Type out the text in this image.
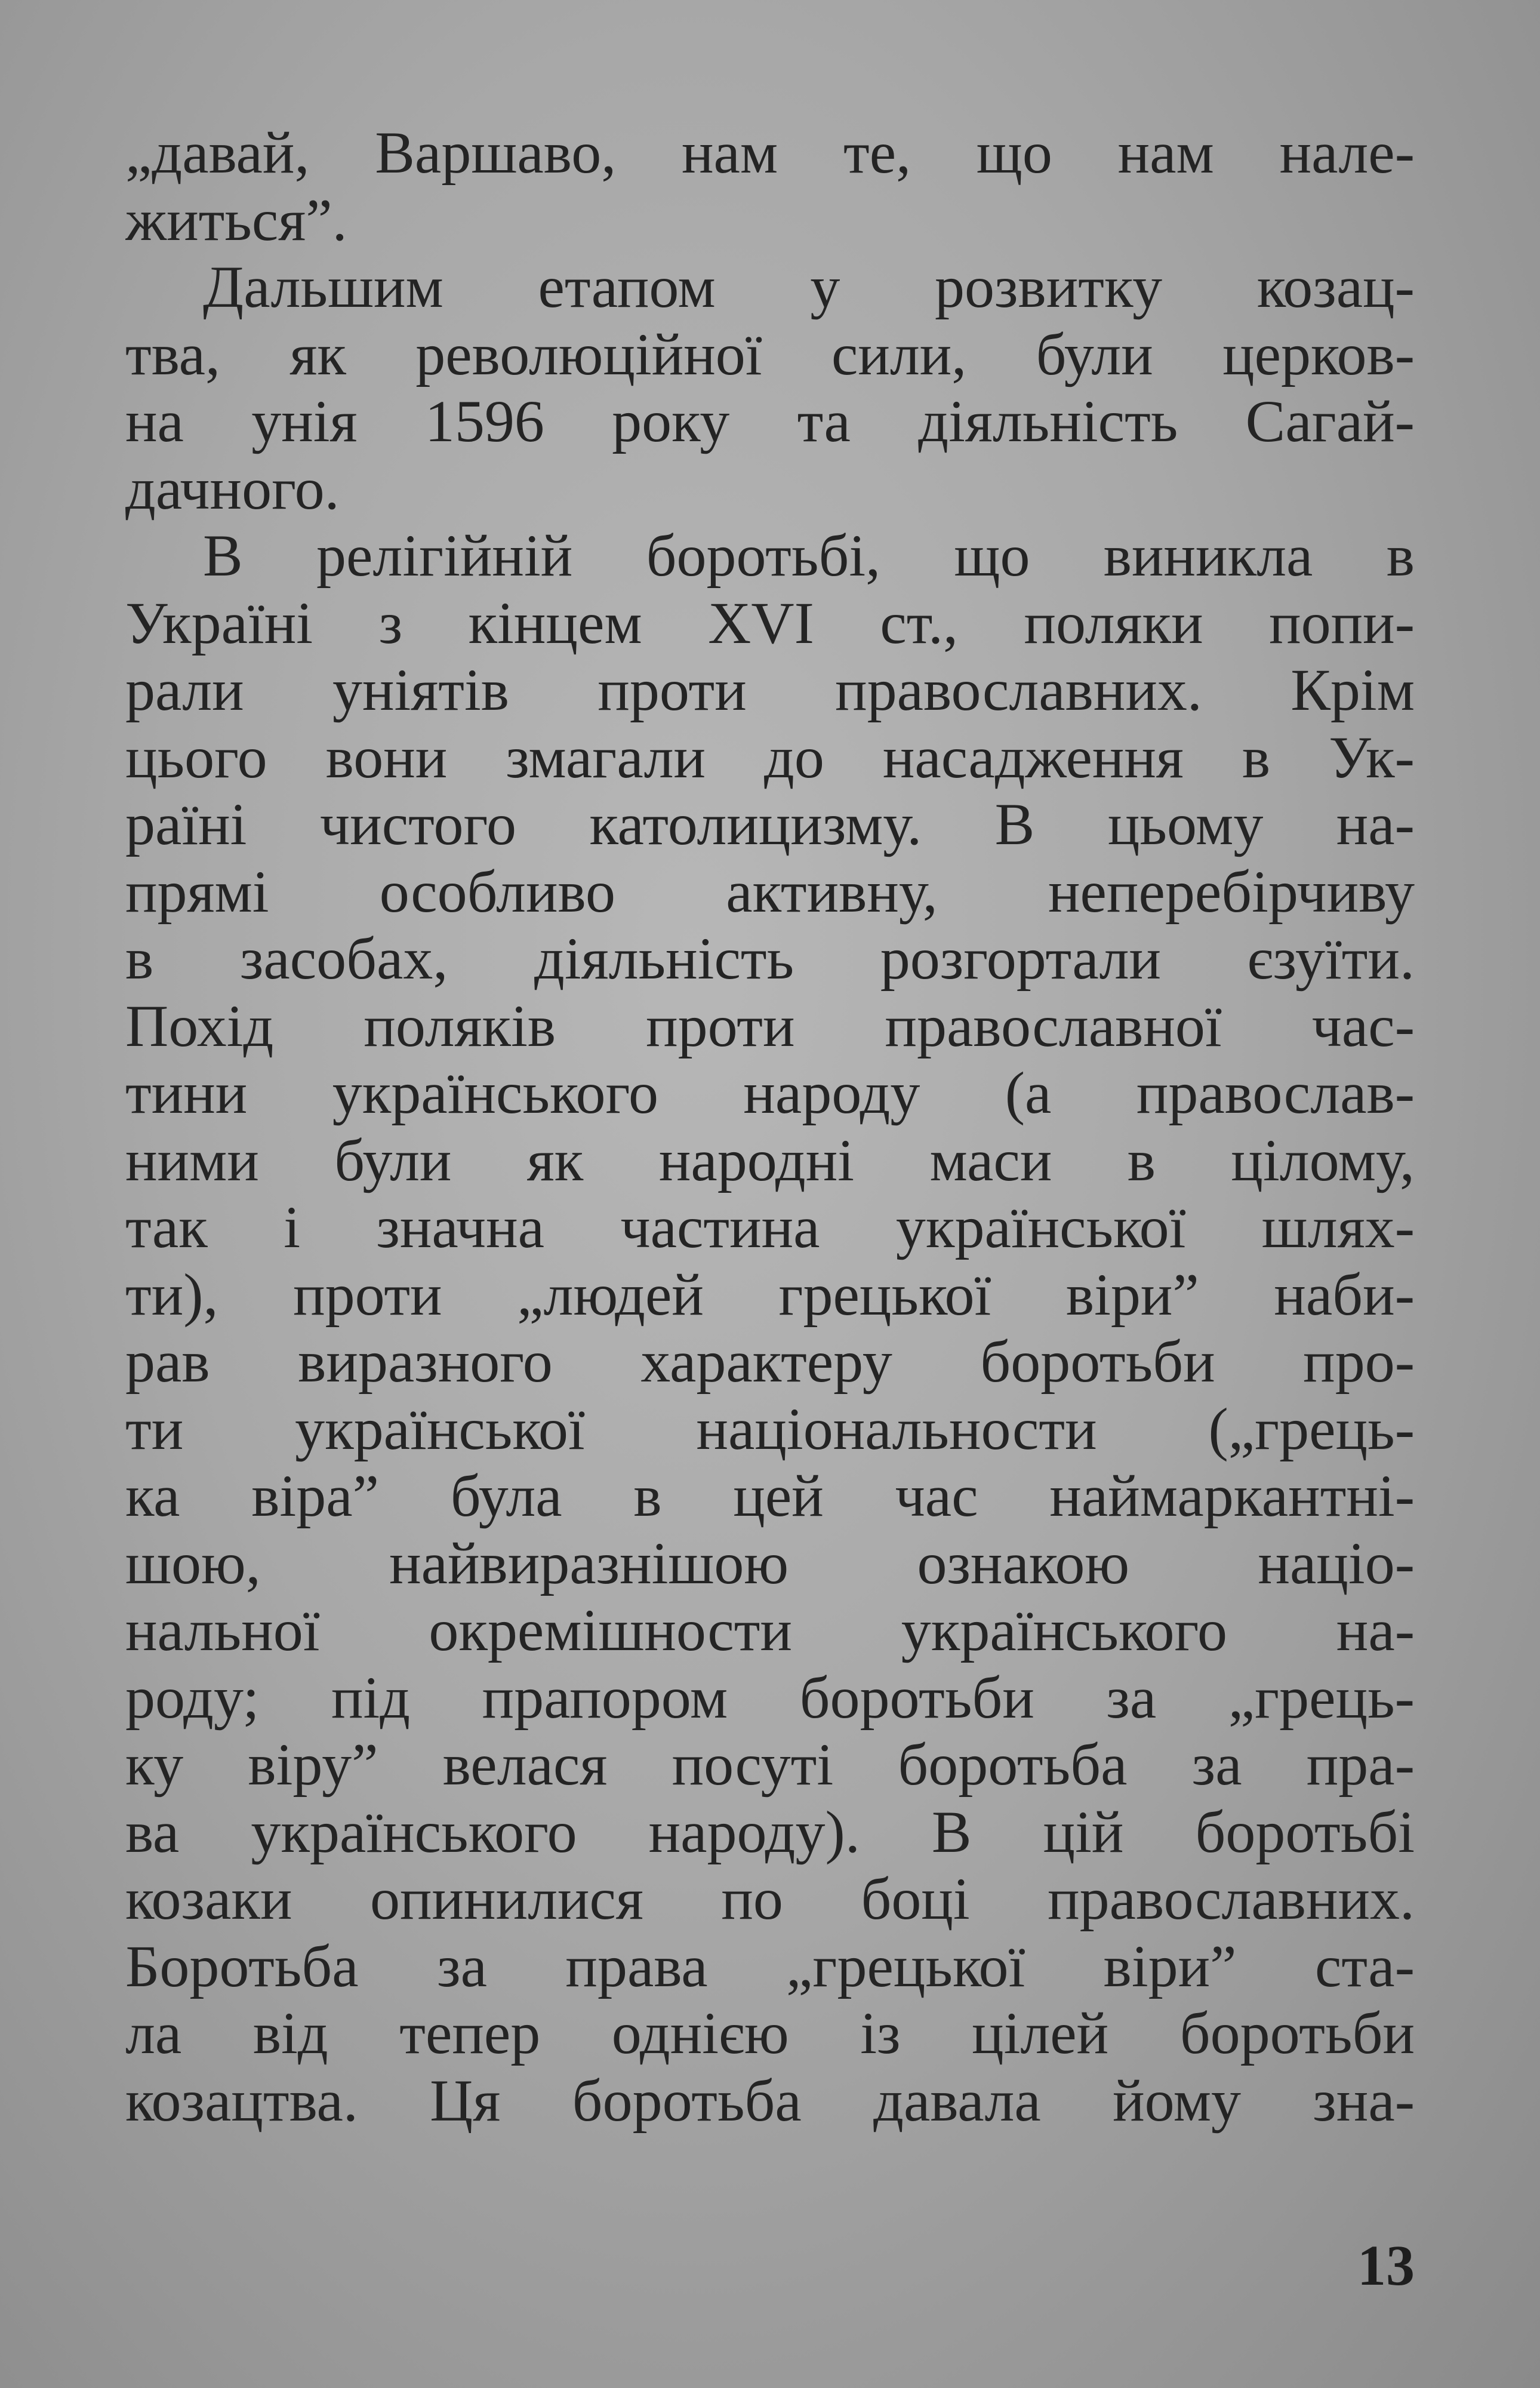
„давай, Варшаво, нам те, що нам нале-
житься”.
Дальшим етапом у розвитку козац-
тва, як революційної сили, були церков-
на унія 1596 року та діяльність Сагай-
дачного.
В релігійній боротьбі, що виникла в
Україні з кінцем XVI ст., поляки попи-
рали уніятів проти православних. Крім
цього вони змагали до насадження в Ук-
раїні чистого католицизму. В цьому на-
прямі особливо активну, неперебірчиву
в засобах, діяльність розгортали єзуїти.
Похід поляків проти православної час-
тини українського народу (а православ-
ними були як народні маси в цілому,
так і значна частина української шлях-
ти), проти „людей грецької віри” наби-
рав виразного характеру боротьби про-
ти української національности („грець-
ка віра” була в цей час наймаркантні-
шою, найвиразнішою ознакою націо-
нальної окремішности українського на-
роду; під прапором боротьби за „грець-
ку віру” велася посуті боротьба за пра-
ва українського народу). В цій боротьбі
козаки опинилися по боці православних.
Боротьба за права „грецької віри” ста-
ла від тепер однією із цілей боротьби
козацтва. Ця боротьба давала йому зна-
13
